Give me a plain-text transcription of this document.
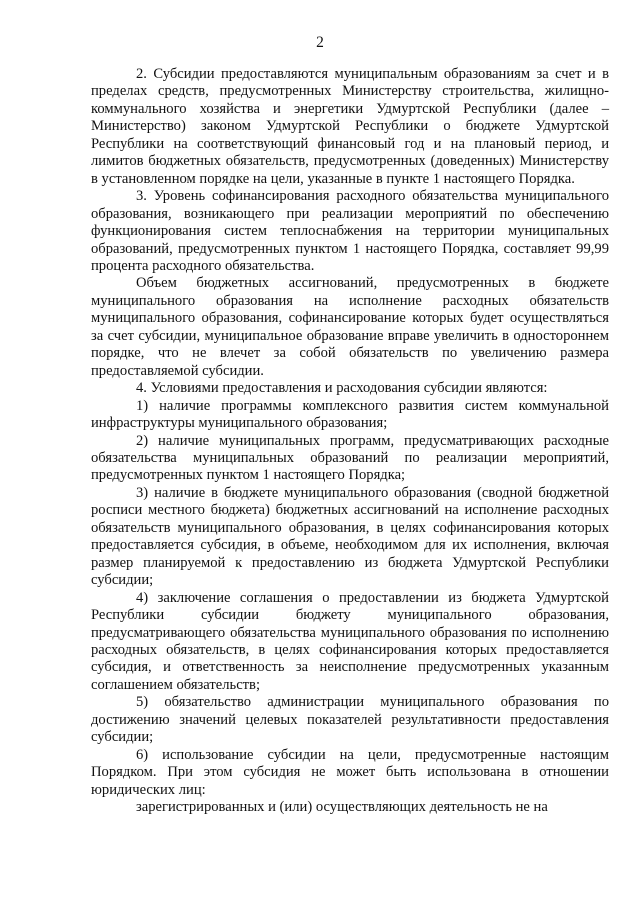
2

2. Субсидии предоставляются муниципальным образованиям за счет и в пределах средств, предусмотренных Министерству строительства, жилищно-коммунального хозяйства и энергетики Удмуртской Республики (далее – Министерство) законом Удмуртской Республики о бюджете Удмуртской Республики на соответствующий финансовый год и на плановый период, и лимитов бюджетных обязательств, предусмотренных (доведенных) Министерству в установленном порядке на цели, указанные в пункте 1 настоящего Порядка.

3. Уровень софинансирования расходного обязательства муниципального образования, возникающего при реализации мероприятий по обеспечению функционирования систем теплоснабжения на территории муниципальных образований, предусмотренных пунктом 1 настоящего Порядка, составляет 99,99 процента расходного обязательства.

Объем бюджетных ассигнований, предусмотренных в бюджете муниципального образования на исполнение расходных обязательств муниципального образования, софинансирование которых будет осуществляться за счет субсидии, муниципальное образование вправе увеличить в одностороннем порядке, что не влечет за собой обязательств по увеличению размера предоставляемой субсидии.

4. Условиями предоставления и расходования субсидии являются:

1) наличие программы комплексного развития систем коммунальной инфраструктуры муниципального образования;

2) наличие муниципальных программ, предусматривающих расходные обязательства муниципальных образований по реализации мероприятий, предусмотренных пунктом 1 настоящего Порядка;

3) наличие в бюджете муниципального образования (сводной бюджетной росписи местного бюджета) бюджетных ассигнований на исполнение расходных обязательств муниципального образования, в целях софинансирования которых предоставляется субсидия, в объеме, необходимом для их исполнения, включая размер планируемой к предоставлению из бюджета Удмуртской Республики субсидии;

4) заключение соглашения о предоставлении из бюджета Удмуртской Республики субсидии бюджету муниципального образования, предусматривающего обязательства муниципального образования по исполнению расходных обязательств, в целях софинансирования которых предоставляется субсидия, и ответственность за неисполнение предусмотренных указанным соглашением обязательств;

5) обязательство администрации муниципального образования по достижению значений целевых показателей результативности предоставления субсидии;

6) использование субсидии на цели, предусмотренные настоящим Порядком. При этом субсидия не может быть использована в отношении юридических лиц:

зарегистрированных и (или) осуществляющих деятельность не на
